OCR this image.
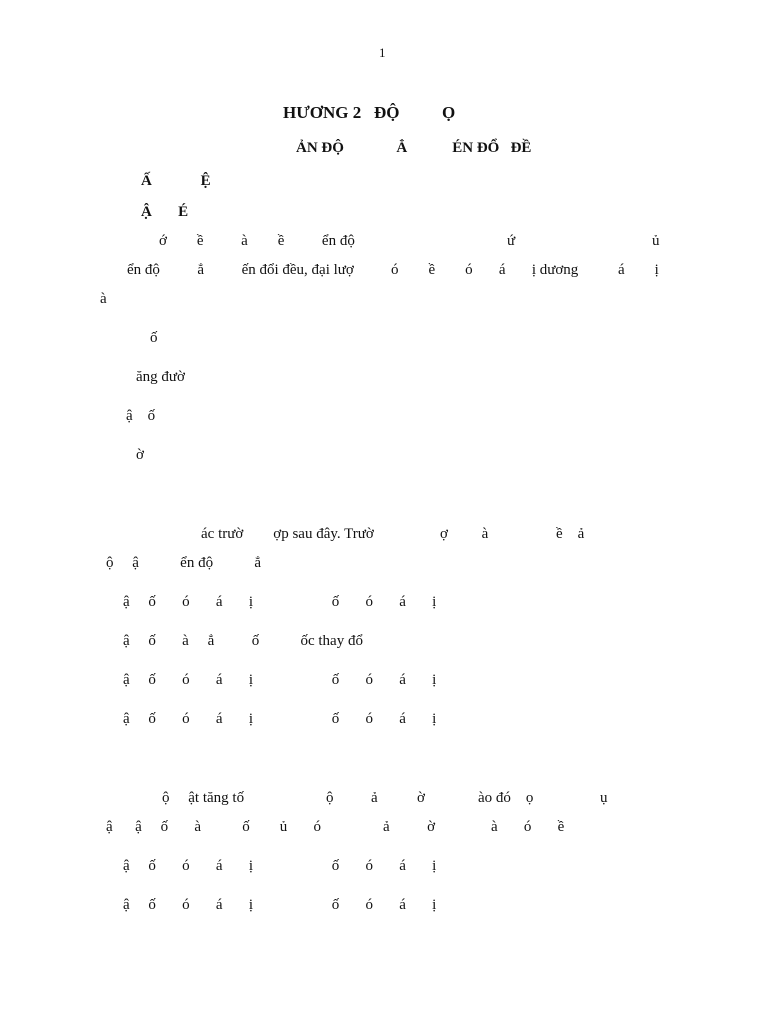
1
HƯƠNG 2   ĐỘ          Ọ
ẢN ĐỘ              Ẳ            ÉN ĐỔ   ĐỀ
Ấ             Ệ
Ậ       É
ớ        ề          à        ề          ển độ	ứ	ủ
ển độ          ẳ          ến đổi đều, đại lượ ó        ề        ó       á       ị dương	á        ị
à
ố
ăng đườ
ậ    ố
ờ
ác trườ        ợp sau đây. Trườ	ợ         à	ề    ả
ộ     ậ           ển độ           ẳ
ậ     ố       ó       á       ị                     ố       ó       á       ị
ậ     ố       à     ẳ          ố           ốc thay đổ
ậ     ố       ó       á       ị                     ố       ó       á       ị
ậ     ố       ó       á       ị                     ố       ó       á       ị
ộ     ật tăng tố	ộ	ả	ờ	ào đó    ọ	ụ
ậ      ậ     ố       à           ố        ủ       ó	ả          ờ	à       ó       ề
ậ     ố       ó       á       ị                     ố       ó       á       ị
ậ     ố       ó       á       ị                     ố       ó       á       ị
